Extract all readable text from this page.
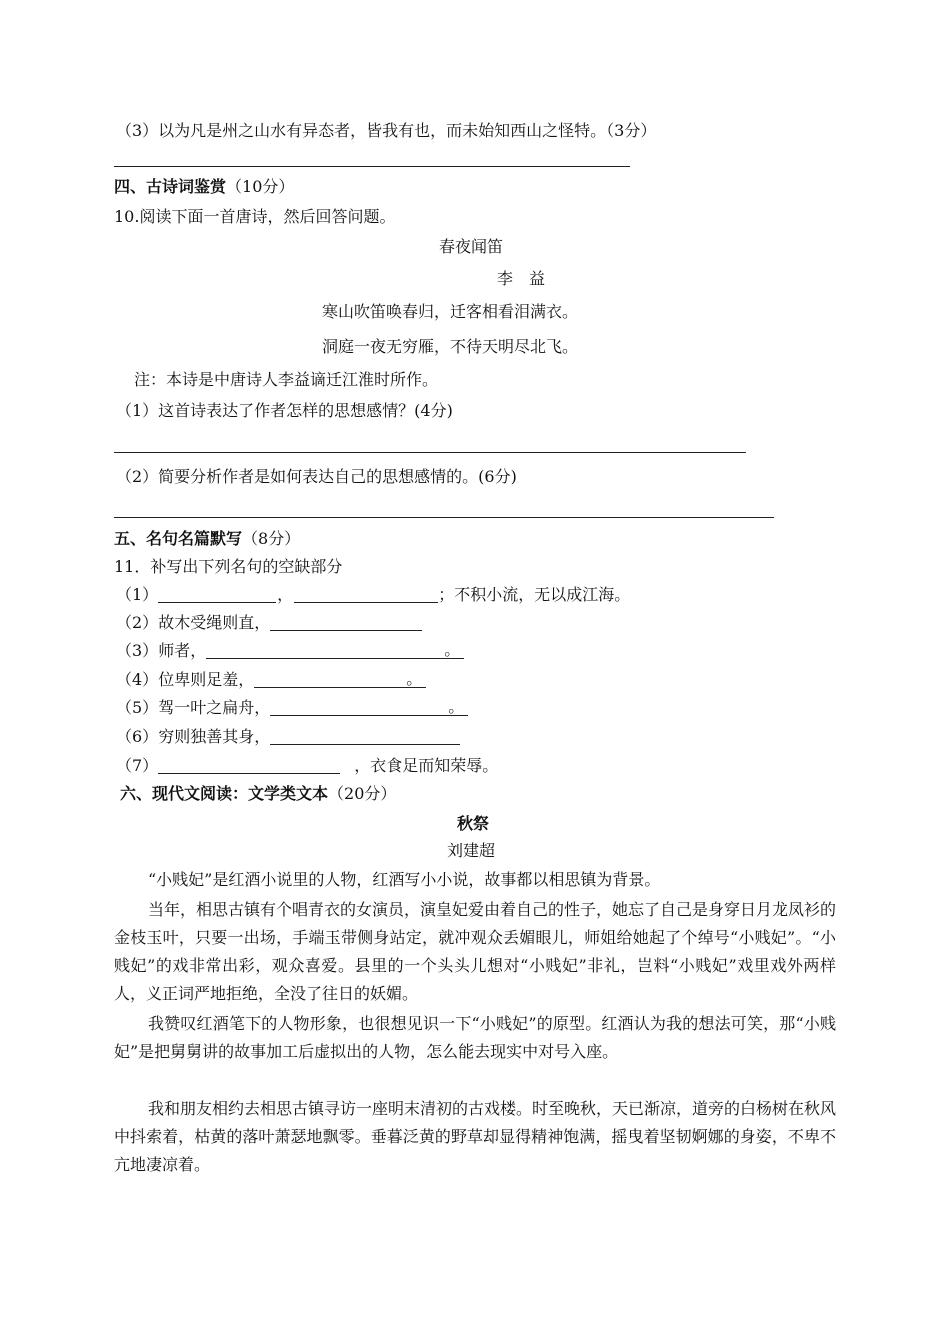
（3）以为凡是州之山水有异态者，皆我有也，而未始知西山之怪特。（3分）
四、古诗词鉴赏（10分）
10.阅读下面一首唐诗，然后回答问题。
春夜闻笛
李　益
寒山吹笛唤春归，迁客相看泪满衣。
洞庭一夜无穷雁，不待天明尽北飞。
注：本诗是中唐诗人李益谪迁江淮时所作。
（1）这首诗表达了作者怎样的思想感情？(4分)
（2）简要分析作者是如何表达自己的思想感情的。(6分)
五、名句名篇默写（8分）
11．补写出下列名句的空缺部分
（1）	，	；不积小流，无以成江海。
（2）故木受绳则直，
（3）师者，	。
（4）位卑则足羞，	。
（5）驾一叶之扁舟，	。
（6）穷则独善其身，
（7）	，衣食足而知荣辱。
六、现代文阅读：文学类文本（20分）
秋祭
刘建超
“小贱妃”是红酒小说里的人物，红酒写小小说，故事都以相思镇为背景。
当年，相思古镇有个唱青衣的女演员，演皇妃爱由着自己的性子，她忘了自己是身穿日月龙凤衫的金枝玉叶，只要一出场，手端玉带侧身站定，就冲观众丢媚眼儿，师姐给她起了个绰号“小贱妃”。“小贱妃”的戏非常出彩，观众喜爱。县里的一个头头儿想对“小贱妃”非礼，岂料“小贱妃”戏里戏外两样人，义正词严地拒绝，全没了往日的妖媚。
我赞叹红酒笔下的人物形象，也很想见识一下“小贱妃”的原型。红酒认为我的想法可笑，那“小贱妃”是把舅舅讲的故事加工后虚拟出的人物，怎么能去现实中对号入座。
我和朋友相约去相思古镇寻访一座明末清初的古戏楼。时至晚秋，天已渐凉，道旁的白杨树在秋风中抖索着，枯黄的落叶萧瑟地飘零。垂暮泛黄的野草却显得精神饱满，摇曳着坚韧婀娜的身姿，不卑不亢地凄凉着。
